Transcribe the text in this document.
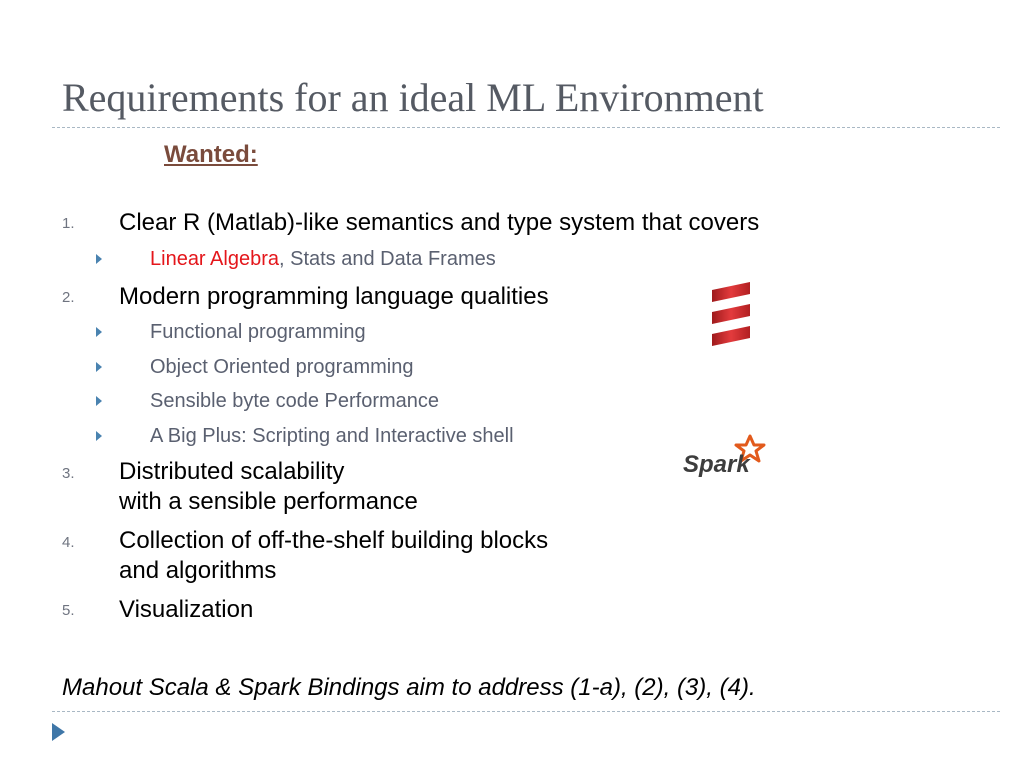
Requirements for an ideal ML Environment
Wanted:
1. Clear R (Matlab)-like semantics and type system that covers
Linear Algebra, Stats and Data Frames
2. Modern programming language qualities
Functional programming
Object Oriented programming
Sensible byte code Performance
A Big Plus: Scripting and Interactive shell
3. Distributed scalability
with a sensible performance
4. Collection of off-the-shelf building blocks
and algorithms
5. Visualization
Mahout Scala & Spark Bindings aim to address (1-a), (2), (3), (4).
Spark
